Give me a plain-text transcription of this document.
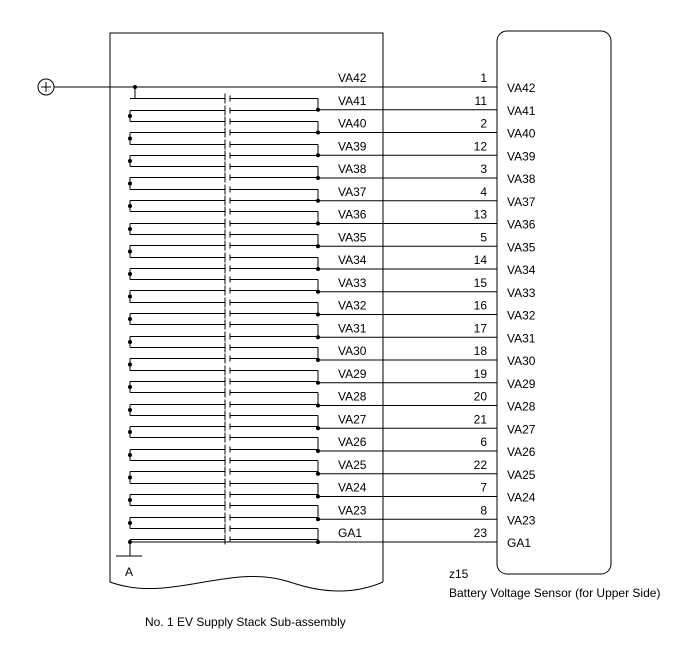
A
VA42	1
VA42
VA41	11
VA41
VA40	2
VA40
VA39	12
VA39
VA38	3
VA38
VA37	4
VA37
VA36	13
VA36
VA35	5
VA35
VA34	14
VA34
VA33	15
VA33
VA32	16
VA32
VA31	17
VA31
VA30	18
VA30
VA29	19
VA29
VA28	20
VA28
VA27	21
VA27
VA26	6
VA26
VA25	22
VA25
VA24	7
VA24
VA23	8
VA23
GA1	23
GA1
No. 1 EV Supply Stack Sub-assembly
z15
Battery Voltage Sensor (for Upper Side)
